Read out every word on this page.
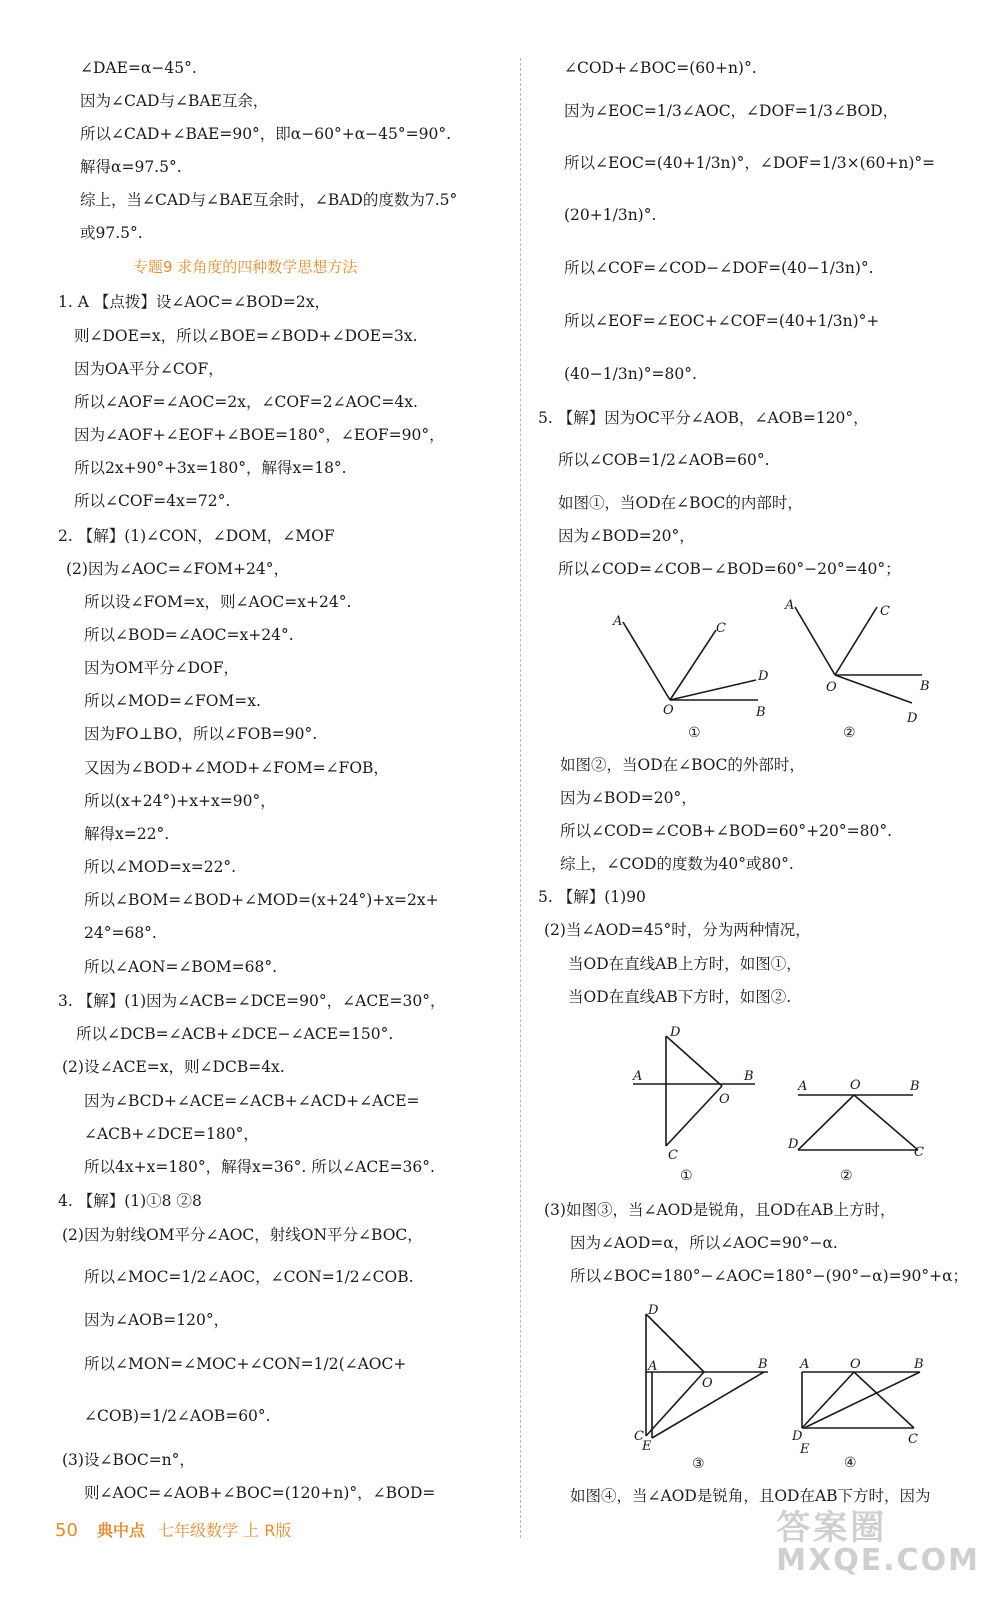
∠DAE=α−45°.
因为∠CAD与∠BAE互余，
所以∠CAD+∠BAE=90°，即α−60°+α−45°=90°.
解得α=97.5°.
综上，当∠CAD与∠BAE互余时，∠BAD的度数为7.5°
或97.5°.
专题9 求角度的四种数学思想方法
1. A 【点拨】设∠AOC=∠BOD=2x，
则∠DOE=x，所以∠BOE=∠BOD+∠DOE=3x.
因为OA平分∠COF，
所以∠AOF=∠AOC=2x，∠COF=2∠AOC=4x.
因为∠AOF+∠EOF+∠BOE=180°，∠EOF=90°，
所以2x+90°+3x=180°，解得x=18°.
所以∠COF=4x=72°.
2. 【解】(1)∠CON，∠DOM，∠MOF
(2)因为∠AOC=∠FOM+24°，
所以设∠FOM=x，则∠AOC=x+24°.
所以∠BOD=∠AOC=x+24°.
因为OM平分∠DOF，
所以∠MOD=∠FOM=x.
因为FO⊥BO，所以∠FOB=90°.
又因为∠BOD+∠MOD+∠FOM=∠FOB，
所以(x+24°)+x+x=90°，
解得x=22°.
所以∠MOD=x=22°.
所以∠BOM=∠BOD+∠MOD=(x+24°)+x=2x+
24°=68°.
所以∠AON=∠BOM=68°.
3. 【解】(1)因为∠ACB=∠DCE=90°，∠ACE=30°，
所以∠DCB=∠ACB+∠DCE−∠ACE=150°.
(2)设∠ACE=x，则∠DCB=4x.
因为∠BCD+∠ACE=∠ACB+∠ACD+∠ACE=
∠ACB+∠DCE=180°，
所以4x+x=180°，解得x=36°. 所以∠ACE=36°.
4. 【解】(1)①8 ②8
(2)因为射线OM平分∠AOC，射线ON平分∠BOC，
所以∠MOC=1/2∠AOC，∠CON=1/2∠COB.
因为∠AOB=120°，
所以∠MON=∠MOC+∠CON=1/2(∠AOC+
∠COB)=1/2∠AOB=60°.
(3)设∠BOC=n°，
则∠AOC=∠AOB+∠BOC=(120+n)°，∠BOD=
∠COD+∠BOC=(60+n)°.
因为∠EOC=1/3∠AOC，∠DOF=1/3∠BOD，
所以∠EOC=(40+1/3n)°，∠DOF=1/3×(60+n)°=
(20+1/3n)°.
所以∠COF=∠COD−∠DOF=(40−1/3n)°.
所以∠EOF=∠EOC+∠COF=(40+1/3n)°+
(40−1/3n)°=80°.
5. 【解】因为OC平分∠AOB，∠AOB=120°，
所以∠COB=1/2∠AOB=60°.
如图①，当OD在∠BOC的内部时，
因为∠BOD=20°，
所以∠COD=∠COB−∠BOD=60°−20°=40°；
A	C
D
O	B
①
A	C
O	B
D
②
如图②，当OD在∠BOC的外部时，
因为∠BOD=20°，
所以∠COD=∠COB+∠BOD=60°+20°=80°.
综上，∠COD的度数为40°或80°.
5. 【解】(1)90
(2)当∠AOD=45°时，分为两种情况，
当OD在直线AB上方时，如图①，
当OD在直线AB下方时，如图②.
D
A	B
O
C
①
A	O	B
D
C
②
(3)如图③，当∠AOD是锐角，且OD在AB上方时，
因为∠AOD=α，所以∠AOC=90°−α.
所以∠BOC=180°−∠AOC=180°−(90°−α)=90°+α；
D
A
O
B
C
E
③
A	O	B
D
E
C
④
如图④，当∠AOD是锐角，且OD在AB下方时，因为
50 典中点 七年级数学 上 R版	答案圈
MXQE.COM
